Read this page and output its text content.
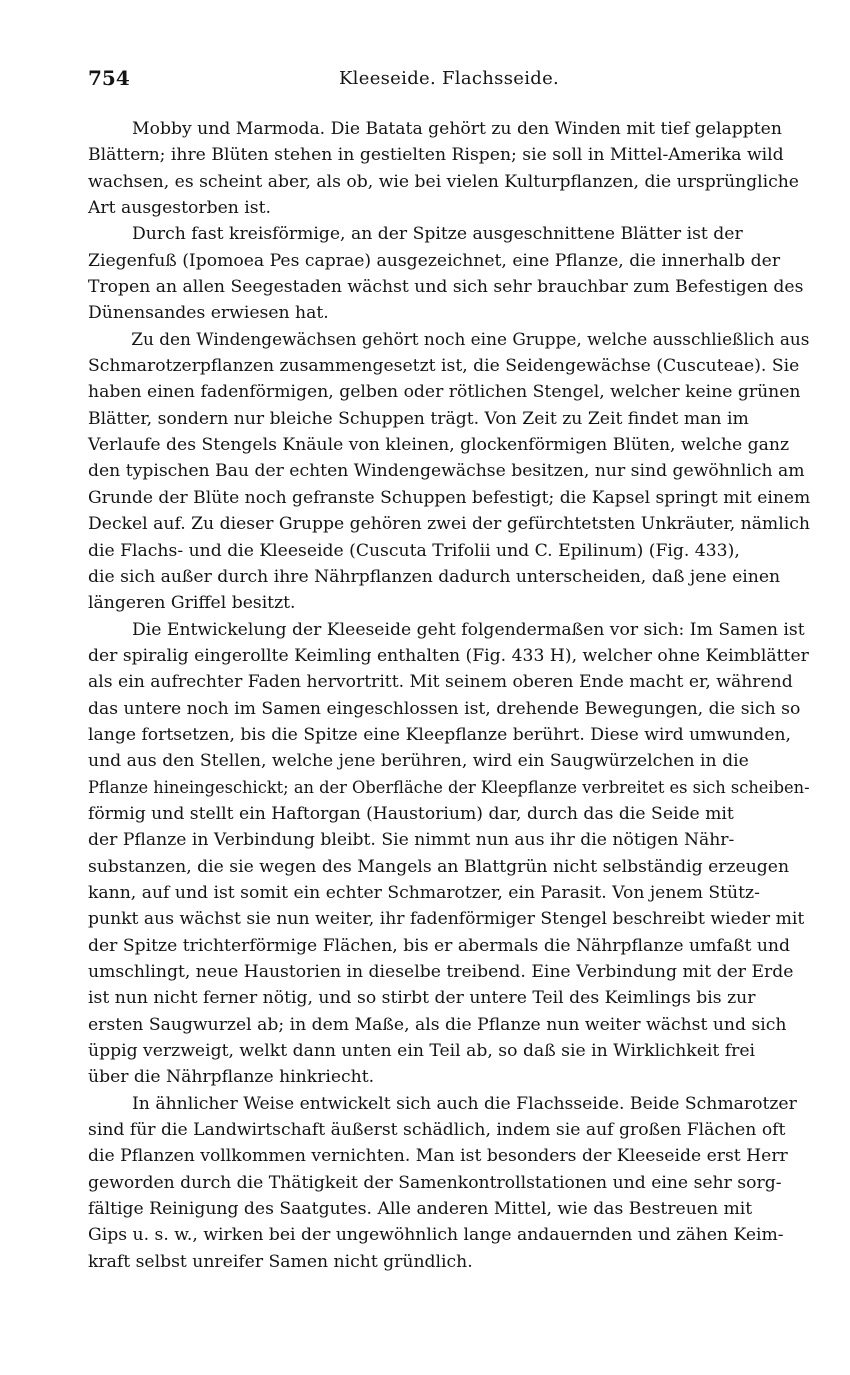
754	Kleeseide. Flachsseide.

Mobby und Marmoda. Die Batata gehört zu den Winden mit tief gelappten
Blättern; ihre Blüten stehen in gestielten Rispen; sie soll in Mittel-Amerika wild
wachsen, es scheint aber, als ob, wie bei vielen Kulturpflanzen, die ursprüngliche
Art ausgestorben ist.

Durch fast kreisförmige, an der Spitze ausgeschnittene Blätter ist der
Ziegenfuß (Ipomoea Pes caprae) ausgezeichnet, eine Pflanze, die innerhalb der
Tropen an allen Seegestaden wächst und sich sehr brauchbar zum Befestigen des
Dünensandes erwiesen hat.

Zu den Windengewächsen gehört noch eine Gruppe, welche ausschließlich aus
Schmarotzerpflanzen zusammengesetzt ist, die Seidengewächse (Cuscuteae). Sie
haben einen fadenförmigen, gelben oder rötlichen Stengel, welcher keine grünen
Blätter, sondern nur bleiche Schuppen trägt. Von Zeit zu Zeit findet man im
Verlaufe des Stengels Knäule von kleinen, glockenförmigen Blüten, welche ganz
den typischen Bau der echten Windengewächse besitzen, nur sind gewöhnlich am
Grunde der Blüte noch gefranste Schuppen befestigt; die Kapsel springt mit einem
Deckel auf. Zu dieser Gruppe gehören zwei der gefürchtetsten Unkräuter, nämlich
die Flachs- und die Kleeseide (Cuscuta Trifolii und C. Epilinum) (Fig. 433),
die sich außer durch ihre Nährpflanzen dadurch unterscheiden, daß jene einen
längeren Griffel besitzt.

Die Entwickelung der Kleeseide geht folgendermaßen vor sich: Im Samen ist
der spiralig eingerollte Keimling enthalten (Fig. 433 H), welcher ohne Keimblätter
als ein aufrechter Faden hervortritt. Mit seinem oberen Ende macht er, während
das untere noch im Samen eingeschlossen ist, drehende Bewegungen, die sich so
lange fortsetzen, bis die Spitze eine Kleepflanze berührt. Diese wird umwunden,
und aus den Stellen, welche jene berühren, wird ein Saugwürzelchen in die
Pflanze hineingeschickt; an der Oberfläche der Kleepflanze verbreitet es sich scheiben-
förmig und stellt ein Haftorgan (Haustorium) dar, durch das die Seide mit
der Pflanze in Verbindung bleibt. Sie nimmt nun aus ihr die nötigen Nähr-
substanzen, die sie wegen des Mangels an Blattgrün nicht selbständig erzeugen
kann, auf und ist somit ein echter Schmarotzer, ein Parasit. Von jenem Stütz-
punkt aus wächst sie nun weiter, ihr fadenförmiger Stengel beschreibt wieder mit
der Spitze trichterförmige Flächen, bis er abermals die Nährpflanze umfaßt und
umschlingt, neue Haustorien in dieselbe treibend. Eine Verbindung mit der Erde
ist nun nicht ferner nötig, und so stirbt der untere Teil des Keimlings bis zur
ersten Saugwurzel ab; in dem Maße, als die Pflanze nun weiter wächst und sich
üppig verzweigt, welkt dann unten ein Teil ab, so daß sie in Wirklichkeit frei
über die Nährpflanze hinkriecht.

In ähnlicher Weise entwickelt sich auch die Flachsseide. Beide Schmarotzer
sind für die Landwirtschaft äußerst schädlich, indem sie auf großen Flächen oft
die Pflanzen vollkommen vernichten. Man ist besonders der Kleeseide erst Herr
geworden durch die Thätigkeit der Samenkontrollstationen und eine sehr sorg-
fältige Reinigung des Saatgutes. Alle anderen Mittel, wie das Bestreuen mit
Gips u. s. w., wirken bei der ungewöhnlich lange andauernden und zähen Keim-
kraft selbst unreifer Samen nicht gründlich.
